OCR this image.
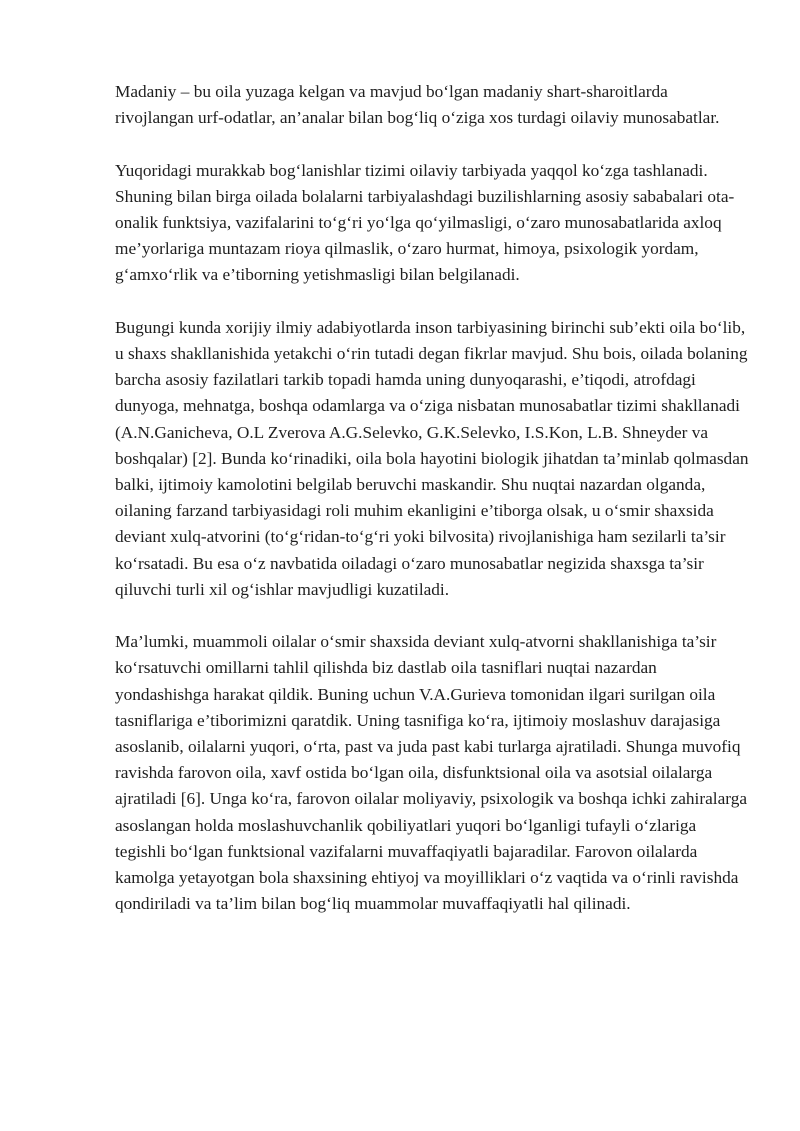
Madaniy – bu oila yuzaga kelgan va mavjud bo‘lgan madaniy shart-sharoitlarda rivojlangan urf-odatlar, an’analar bilan bog‘liq o‘ziga xos turdagi oilaviy munosabatlar.

Yuqoridagi murakkab bog‘lanishlar tizimi oilaviy tarbiyada yaqqol ko‘zga tashlanadi. Shuning bilan birga oilada bolalarni tarbiyalashdagi buzilishlarning asosiy sababalari ota-onalik funktsiya, vazifalarini to‘g‘ri yo‘lga qo‘yilmasligi, o‘zaro munosabatlarida axloq me’yorlariga muntazam rioya qilmaslik, o‘zaro hurmat, himoya, psixologik yordam, g‘amxo‘rlik va e’tiborning yetishmasligi bilan belgilanadi.

Bugungi kunda xorijiy ilmiy adabiyotlarda inson tarbiyasining birinchi sub’ekti oila bo‘lib, u shaxs shakllanishida yetakchi o‘rin tutadi degan fikrlar mavjud. Shu bois, oilada bolaning barcha asosiy fazilatlari tarkib topadi hamda uning dunyoqarashi, e’tiqodi, atrofdagi dunyoga, mehnatga, boshqa odamlarga va o‘ziga nisbatan munosabatlar tizimi shakllanadi (A.N.Ganicheva, O.L Zverova A.G.Selevko, G.K.Selevko, I.S.Kon, L.B. Shneyder va boshqalar) [2]. Bunda ko‘rinadiki, oila bola hayotini biologik jihatdan ta’minlab qolmasdan balki, ijtimoiy kamolotini belgilab beruvchi maskandir. Shu nuqtai nazardan olganda, oilaning farzand tarbiyasidagi roli muhim ekanligini e’tiborga olsak, u o‘smir shaxsida deviant xulq-atvorini (to‘g‘ridan-to‘g‘ri yoki bilvosita) rivojlanishiga ham sezilarli ta’sir ko‘rsatadi. Bu esa o‘z navbatida oiladagi o‘zaro munosabatlar negizida shaxsga ta’sir qiluvchi turli xil og‘ishlar mavjudligi kuzatiladi.

Ma’lumki, muammoli oilalar o‘smir shaxsida deviant xulq-atvorni shakllanishiga ta’sir ko‘rsatuvchi omillarni tahlil qilishda biz dastlab oila tasniflari nuqtai nazardan yondashishga harakat qildik. Buning uchun V.A.Gurieva tomonidan ilgari surilgan oila tasniflariga e’tiborimizni qaratdik. Uning tasnifiga ko‘ra, ijtimoiy moslashuv darajasiga asoslanib, oilalarni yuqori, o‘rta, past va juda past kabi turlarga ajratiladi. Shunga muvofiq ravishda farovon oila, xavf ostida bo‘lgan oila, disfunktsional oila va asotsial oilalarga ajratiladi [6]. Unga ko‘ra, farovon oilalar moliyaviy, psixologik va boshqa ichki zahiralarga asoslangan holda moslashuvchanlik qobiliyatlari yuqori bo‘lganligi tufayli o‘zlariga tegishli bo‘lgan funktsional vazifalarni muvaffaqiyatli bajaradilar. Farovon oilalarda kamolga yetayotgan bola shaxsining ehtiyoj va moyilliklari o‘z vaqtida va o‘rinli ravishda qondiriladi va ta’lim bilan bog‘liq muammolar muvaffaqiyatli hal qilinadi.
